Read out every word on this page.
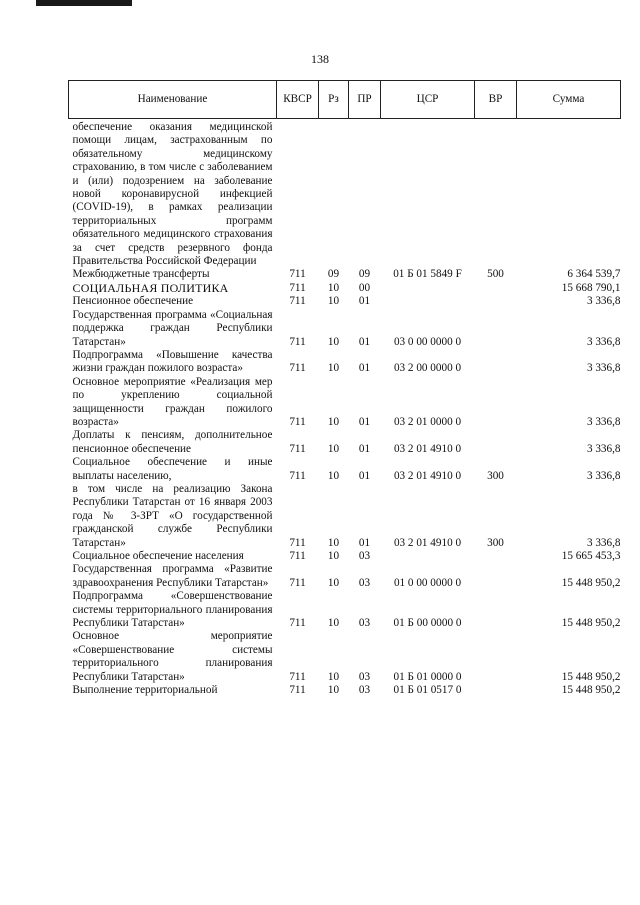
138
Наименование	КВСР	Рз	ПР	ЦСР	ВР	Сумма
обеспечение оказания медицинской помощи лицам, застрахованным по обязательному медицинскому страхованию, в том числе с заболеванием и (или) подозрением на заболевание новой коронавирусной инфекцией (COVID-19), в рамках реализации территориальных программ обязательного медицинского страхования за счет средств резервного фонда Правительства Российской Федерации						
Межбюджетные трансферты	711	09	09	01 Б 01 5849 F	500	6 364 539,7
СОЦИАЛЬНАЯ ПОЛИТИКА	711	10	00			15 668 790,1
Пенсионное обеспечение	711	10	01			3 336,8
Государственная программа «Социальная поддержка граждан Республики Татарстан»	711	10	01	03 0 00 0000 0		3 336,8
Подпрограмма «Повышение качества жизни граждан пожилого возраста»	711	10	01	03 2 00 0000 0		3 336,8
Основное мероприятие «Реализация мер по укреплению социальной защищенности граждан пожилого возраста»	711	10	01	03 2 01 0000 0		3 336,8
Доплаты к пенсиям, дополнительное пенсионное обеспечение	711	10	01	03 2 01 4910 0		3 336,8
Социальное обеспечение и иные выплаты населению,	711	10	01	03 2 01 4910 0	300	3 336,8
в том числе на реализацию Закона Республики Татарстан от 16 января 2003 года № 3-ЗРТ «О государственной гражданской службе Республики Татарстан»	711	10	01	03 2 01 4910 0	300	3 336,8
Социальное обеспечение населения	711	10	03			15 665 453,3
Государственная программа «Развитие здравоохранения Республики Татарстан»	711	10	03	01 0 00 0000 0		15 448 950,2
Подпрограмма «Совершенствование системы территориального планирования Республики Татарстан»	711	10	03	01 Б 00 0000 0		15 448 950,2
Основное мероприятие «Совершенствование системы территориального планирования Республики Татарстан»	711	10	03	01 Б 01 0000 0		15 448 950,2
Выполнение территориальной	711	10	03	01 Б 01 0517 0		15 448 950,2
